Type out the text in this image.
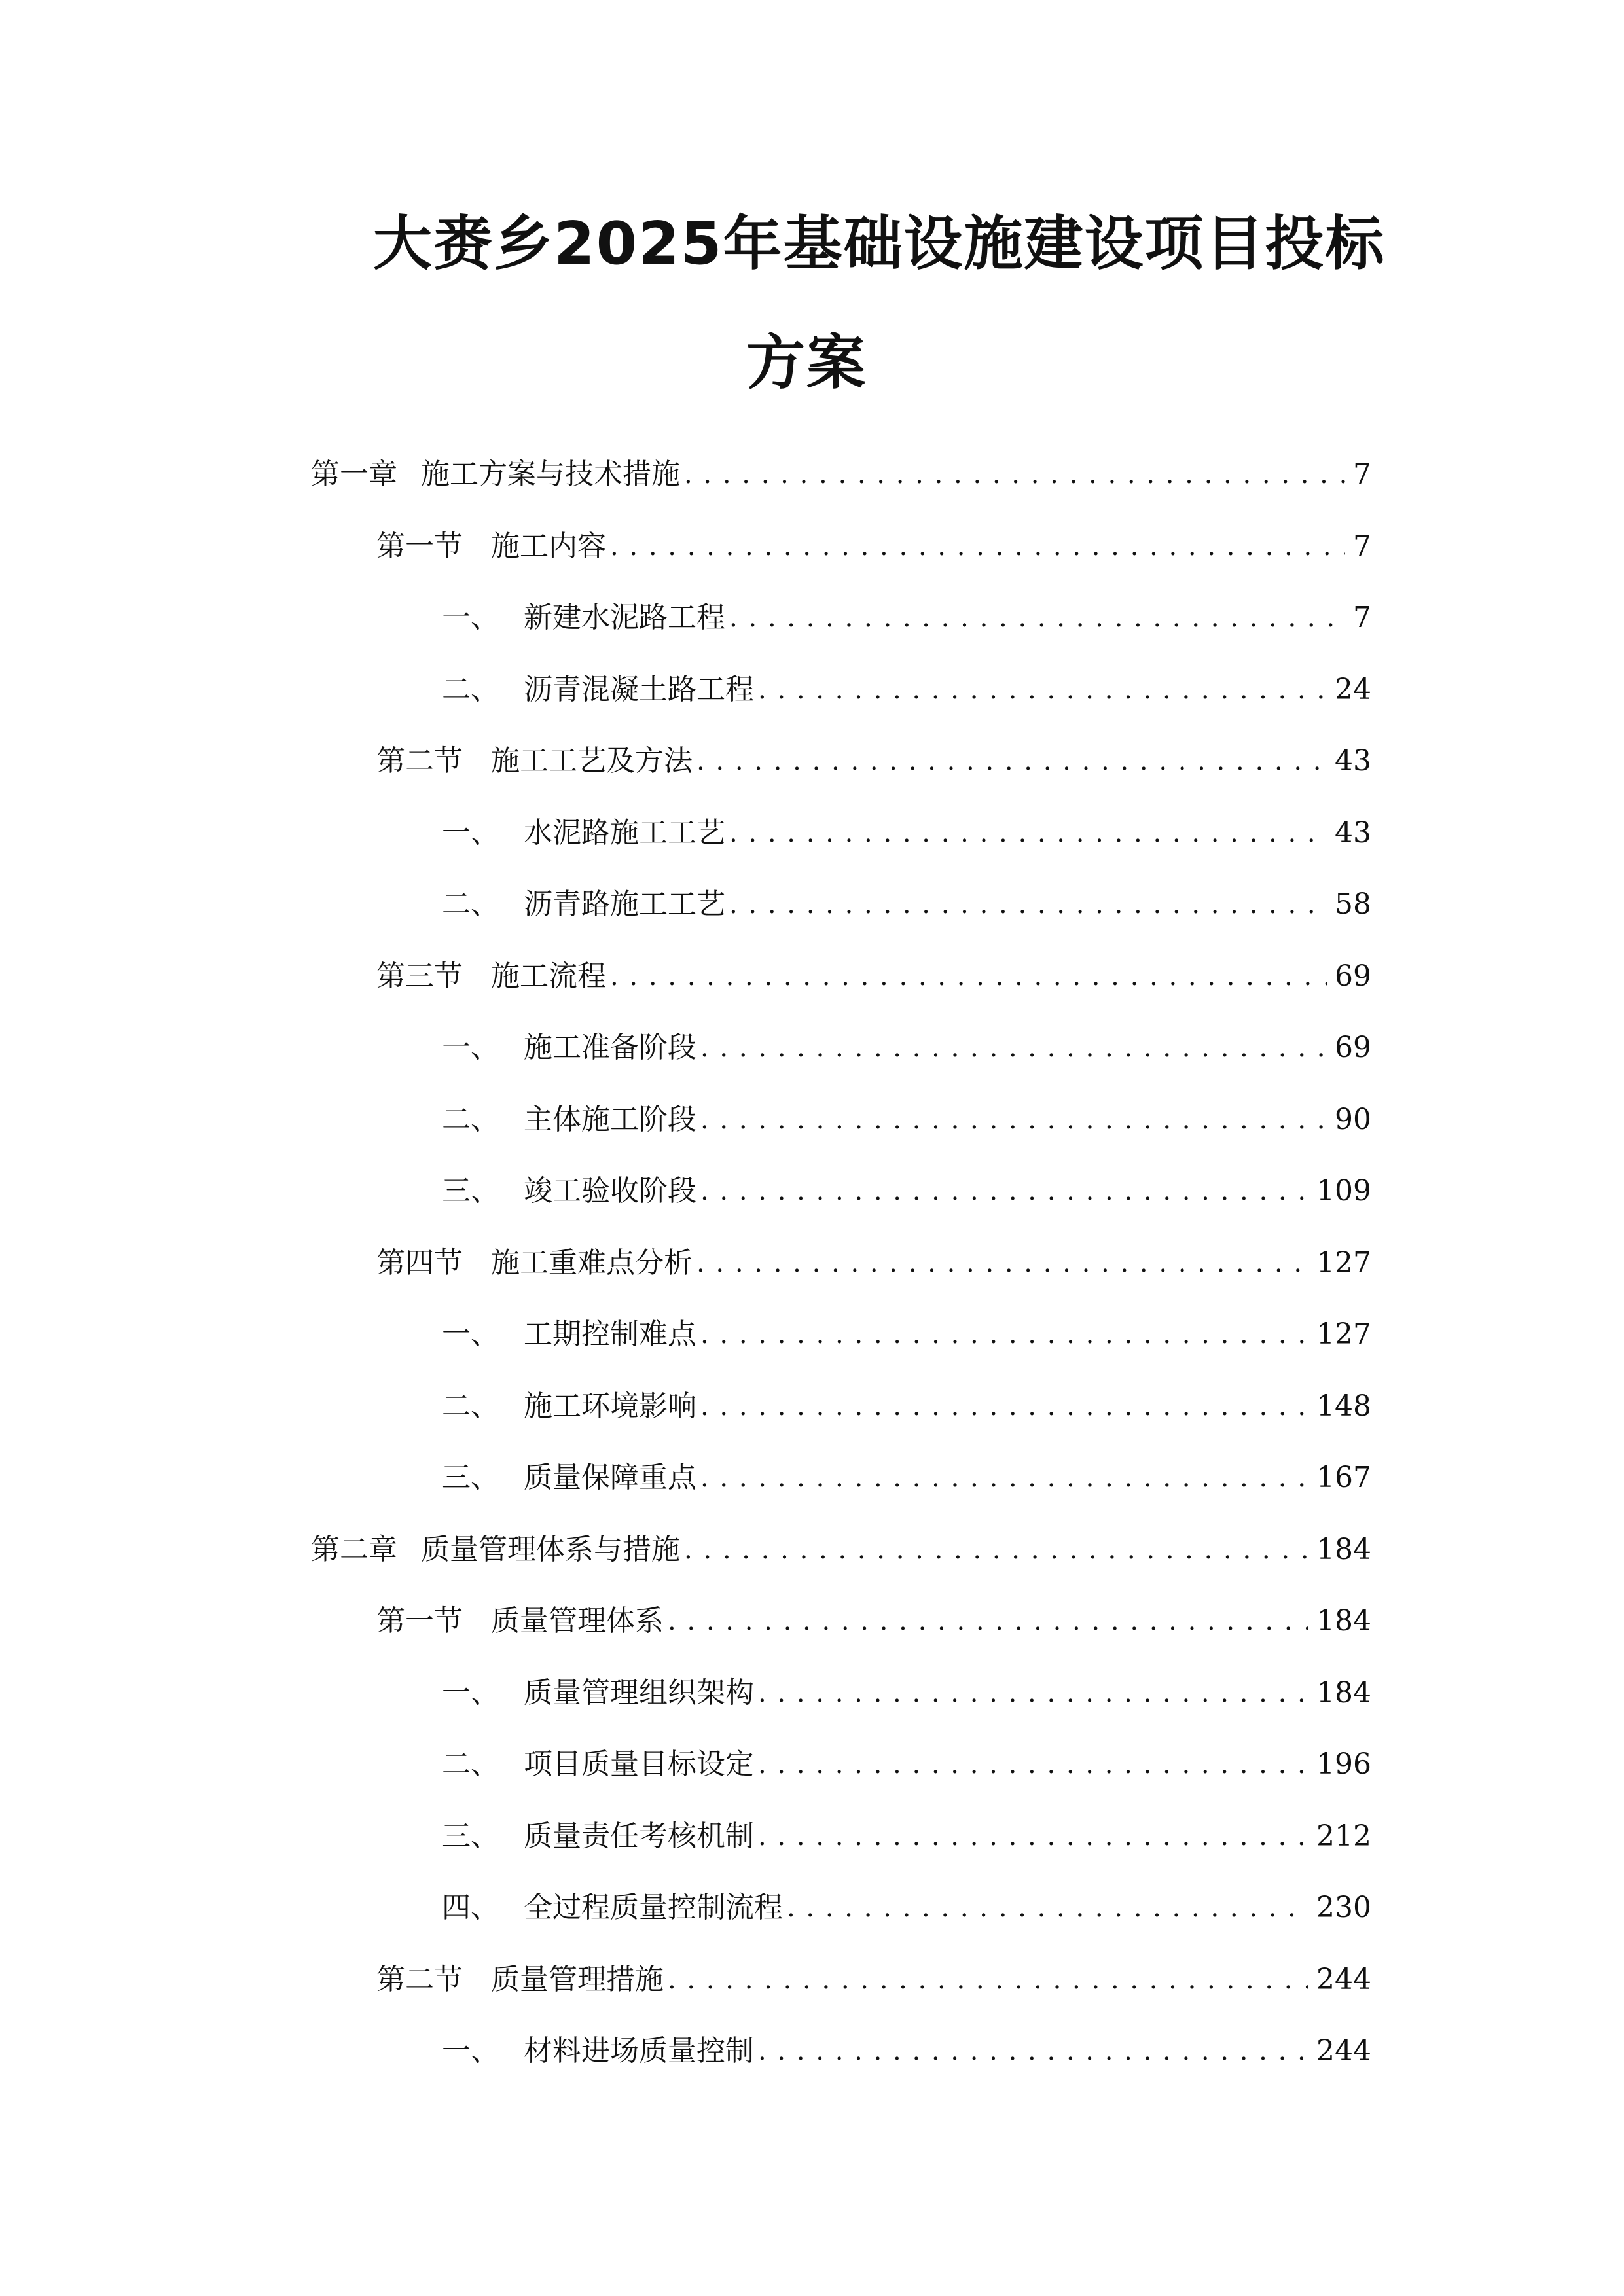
大赉乡2025年基础设施建设项目投标
方案
第一章 施工方案与技术措施 . . .	7
第一节 施工内容 . . .	7
一、 新建水泥路工程 . . .	7
二、 沥青混凝土路工程 . . .	24
第二节 施工工艺及方法 . . .	43
一、 水泥路施工工艺 . . .	43
二、 沥青路施工工艺 . . .	58
第三节 施工流程 . . .	69
一、 施工准备阶段 . . .	69
二、 主体施工阶段 . . .	90
三、 竣工验收阶段 . . .	109
第四节 施工重难点分析 . . .	127
一、 工期控制难点 . . .	127
二、 施工环境影响 . . .	148
三、 质量保障重点 . . .	167
第二章 质量管理体系与措施 . . .	184
第一节 质量管理体系 . . .	184
一、 质量管理组织架构 . . .	184
二、 项目质量目标设定 . . .	196
三、 质量责任考核机制 . . .	212
四、 全过程质量控制流程 . . .	230
第二节 质量管理措施 . . .	244
一、 材料进场质量控制 . . .	244
